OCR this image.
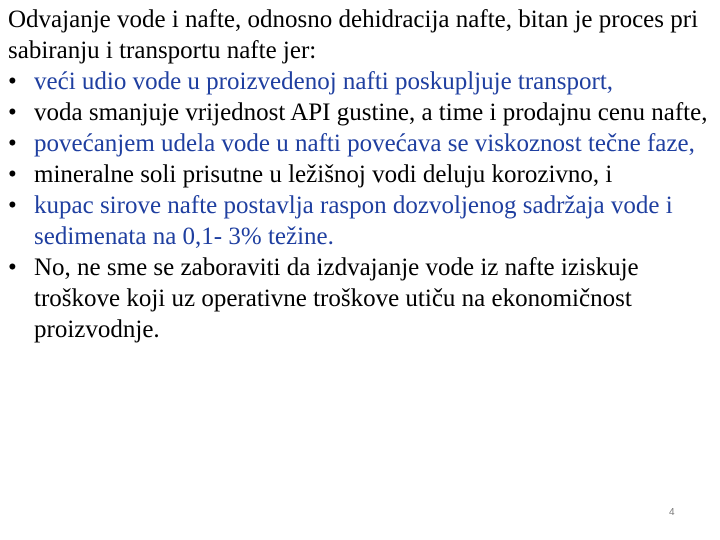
Odvajanje vode i nafte, odnosno dehidracija nafte, bitan je proces pri sabiranju i transportu nafte jer:

• veći udio vode u proizvedenoj nafti poskupljuje transport,
• voda smanjuje vrijednost API gustine, a time i prodajnu cenu nafte,
• povećanjem udela vode u nafti povećava se viskoznost tečne faze,
• mineralne soli prisutne u ležišnoj vodi deluju korozivno, i
• kupac sirove nafte postavlja raspon dozvoljenog sadržaja vode i sedimenata na 0,1- 3% težine.
• No, ne sme se zaboraviti da izdvajanje vode iz nafte iziskuje troškove koji uz operativne troškove utiču na ekonomičnost proizvodnje.
4
